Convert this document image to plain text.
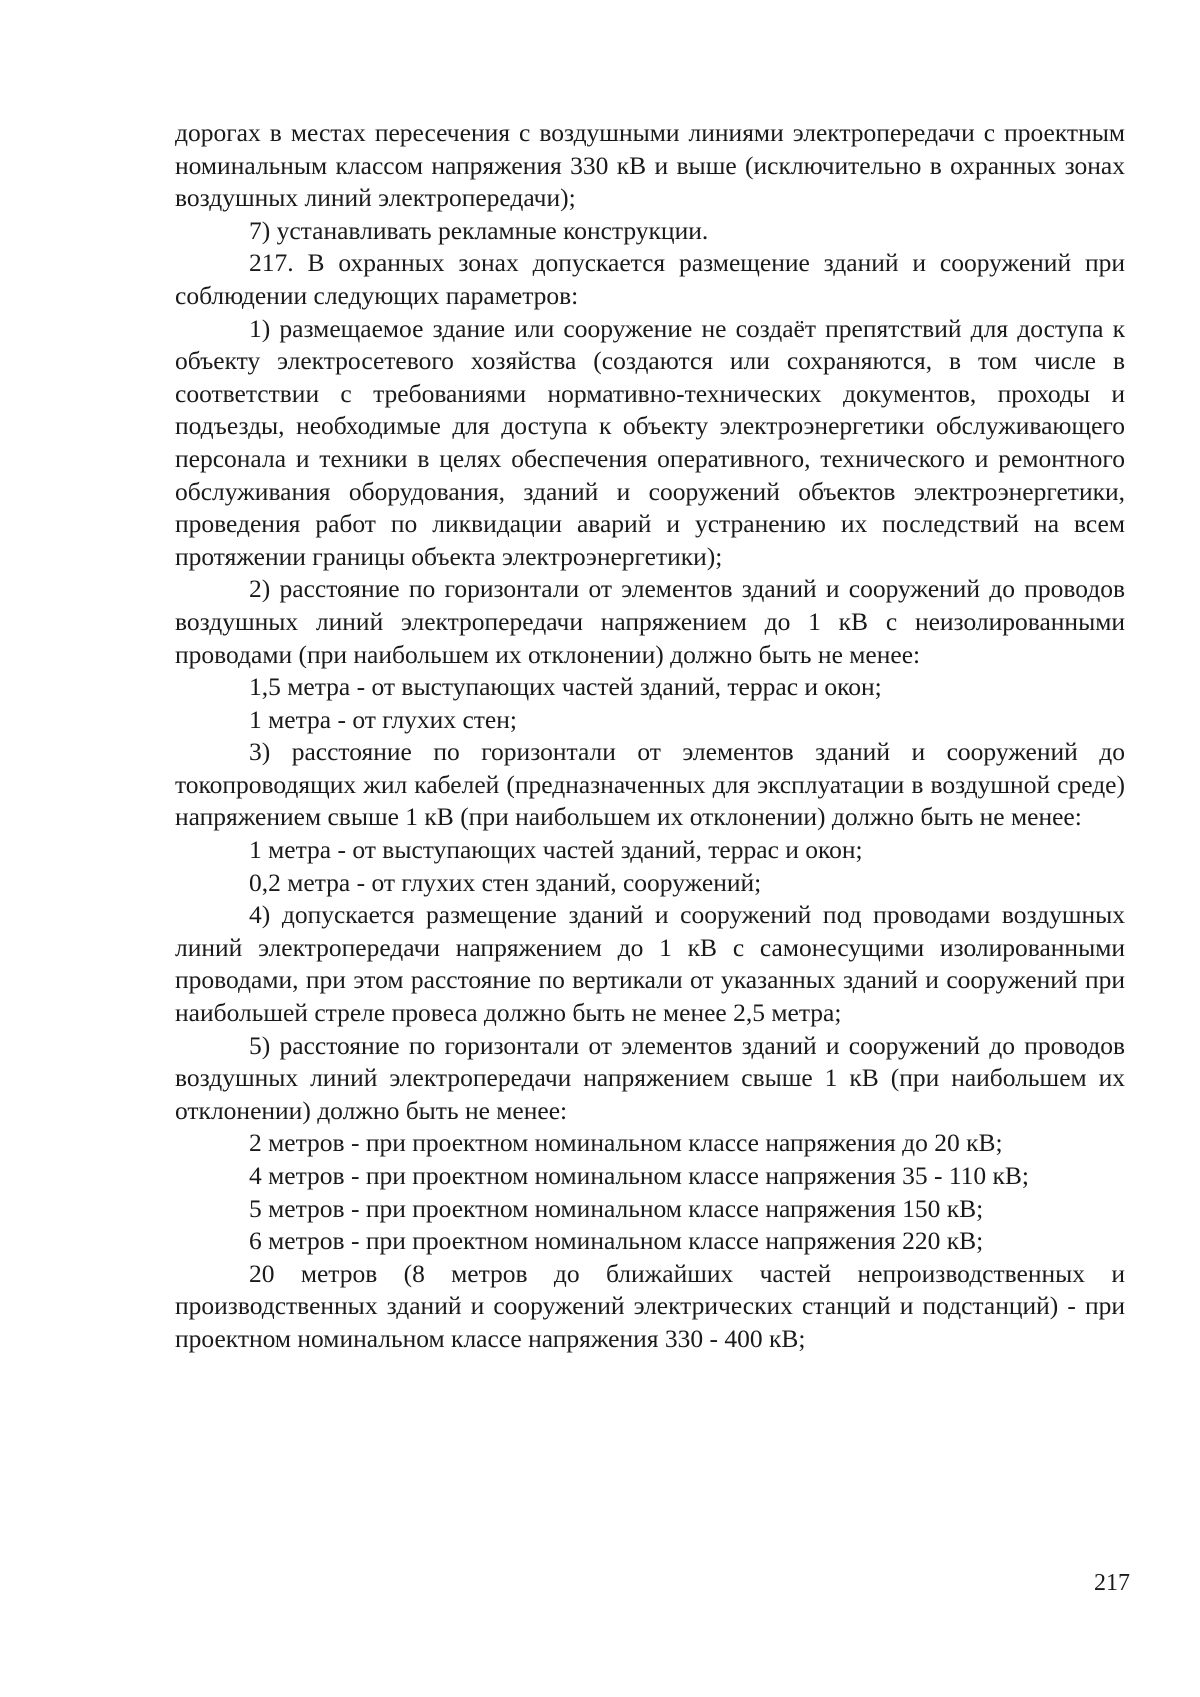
дорогах в местах пересечения с воздушными линиями электропередачи с проектным номинальным классом напряжения 330 кВ и выше (исключительно в охранных зонах воздушных линий электропередачи);

7) устанавливать рекламные конструкции.

217. В охранных зонах допускается размещение зданий и сооружений при соблюдении следующих параметров:

1) размещаемое здание или сооружение не создаёт препятствий для доступа к объекту электросетевого хозяйства (создаются или сохраняются, в том числе в соответствии с требованиями нормативно-технических документов, проходы и подъезды, необходимые для доступа к объекту электроэнергетики обслуживающего персонала и техники в целях обеспечения оперативного, технического и ремонтного обслуживания оборудования, зданий и сооружений объектов электроэнергетики, проведения работ по ликвидации аварий и устранению их последствий на всем протяжении границы объекта электроэнергетики);

2) расстояние по горизонтали от элементов зданий и сооружений до проводов воздушных линий электропередачи напряжением до 1 кВ с неизолированными проводами (при наибольшем их отклонении) должно быть не менее:

1,5 метра - от выступающих частей зданий, террас и окон;

1 метра - от глухих стен;

3) расстояние по горизонтали от элементов зданий и сооружений до токопроводящих жил кабелей (предназначенных для эксплуатации в воздушной среде) напряжением свыше 1 кВ (при наибольшем их отклонении) должно быть не менее:

1 метра - от выступающих частей зданий, террас и окон;

0,2 метра - от глухих стен зданий, сооружений;

4) допускается размещение зданий и сооружений под проводами воздушных линий электропередачи напряжением до 1 кВ с самонесущими изолированными проводами, при этом расстояние по вертикали от указанных зданий и сооружений при наибольшей стреле провеса должно быть не менее 2,5 метра;

5) расстояние по горизонтали от элементов зданий и сооружений до проводов воздушных линий электропередачи напряжением свыше 1 кВ (при наибольшем их отклонении) должно быть не менее:

2 метров - при проектном номинальном классе напряжения до 20 кВ;

4 метров - при проектном номинальном классе напряжения 35 - 110 кВ;

5 метров - при проектном номинальном классе напряжения 150 кВ;

6 метров - при проектном номинальном классе напряжения 220 кВ;

20 метров (8 метров до ближайших частей непроизводственных и производственных зданий и сооружений электрических станций и подстанций) - при проектном номинальном классе напряжения 330 - 400 кВ;

217
